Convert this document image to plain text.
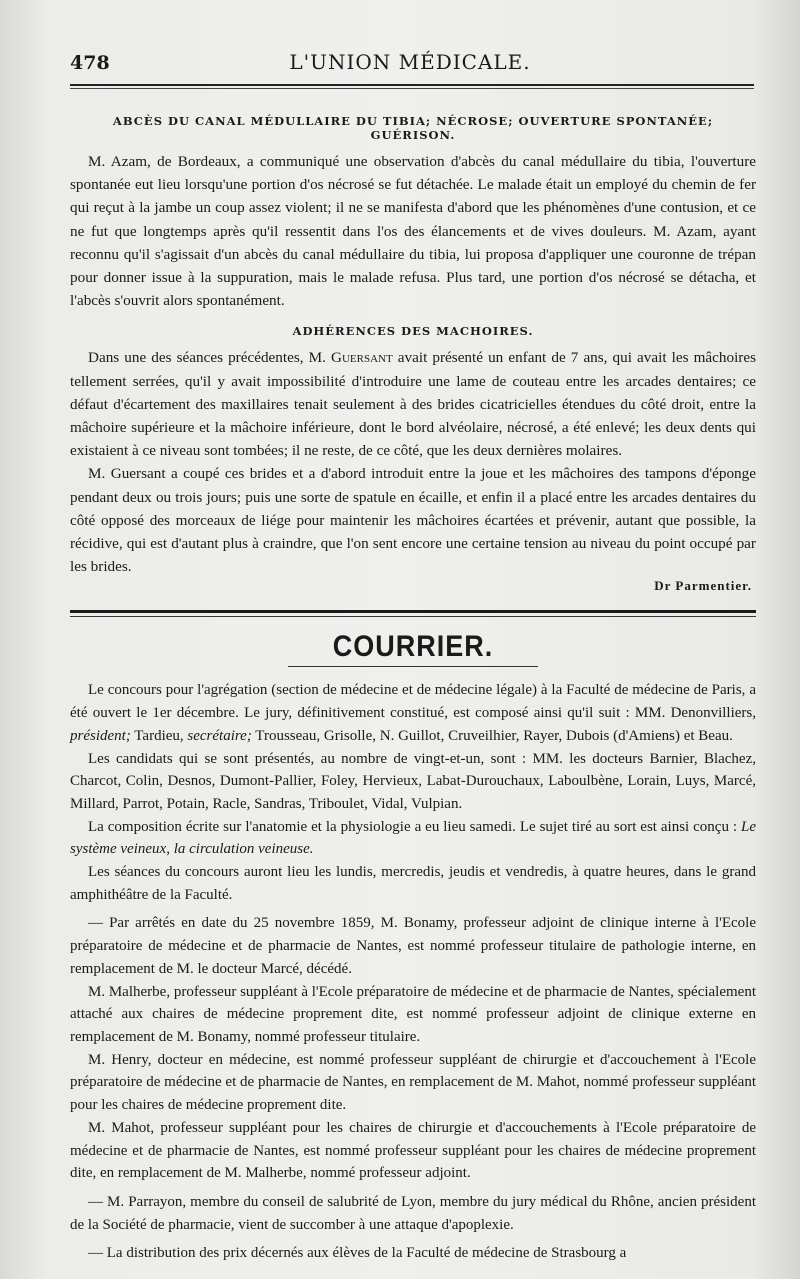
478	L'UNION MÉDICALE.
ABCÈS DU CANAL MÉDULLAIRE DU TIBIA; NÉCROSE; OUVERTURE SPONTANÉE; GUÉRISON.

M. Azam, de Bordeaux, a communiqué une observation d'abcès du canal médullaire du tibia, l'ouverture spontanée eut lieu lorsqu'une portion d'os nécrosé se fut détachée. Le malade était un employé du chemin de fer qui reçut à la jambe un coup assez violent; il ne se manifesta d'abord que les phénomènes d'une contusion, et ce ne fut que longtemps après qu'il ressentit dans l'os des élancements et de vives douleurs. M. Azam, ayant reconnu qu'il s'agissait d'un abcès du canal médullaire du tibia, lui proposa d'appliquer une couronne de trépan pour donner issue à la suppuration, mais le malade refusa. Plus tard, une portion d'os nécrosé se détacha, et l'abcès s'ouvrit alors spontanément.

ADHÉRENCES DES MACHOIRES.

Dans une des séances précédentes, M. Guersant avait présenté un enfant de 7 ans, qui avait les mâchoires tellement serrées, qu'il y avait impossibilité d'introduire une lame de couteau entre les arcades dentaires; ce défaut d'écartement des maxillaires tenait seulement à des brides cicatricielles étendues du côté droit, entre la mâchoire supérieure et la mâchoire inférieure, dont le bord alvéolaire, nécrosé, a été enlevé; les deux dents qui existaient à ce niveau sont tombées; il ne reste, de ce côté, que les deux dernières molaires.

M. Guersant a coupé ces brides et a d'abord introduit entre la joue et les mâchoires des tampons d'éponge pendant deux ou trois jours; puis une sorte de spatule en écaille, et enfin il a placé entre les arcades dentaires du côté opposé des morceaux de liége pour maintenir les mâchoires écartées et prévenir, autant que possible, la récidive, qui est d'autant plus à craindre, que l'on sent encore une certaine tension au niveau du point occupé par les brides.

Dr Parmentier.
COURRIER.

Le concours pour l'agrégation (section de médecine et de médecine légale) à la Faculté de médecine de Paris, a été ouvert le 1er décembre. Le jury, définitivement constitué, est composé ainsi qu'il suit : MM. Denonvilliers, président; Tardieu, secrétaire; Trousseau, Grisolle, N. Guillot, Cruveilhier, Rayer, Dubois (d'Amiens) et Beau.

Les candidats qui se sont présentés, au nombre de vingt-et-un, sont : MM. les docteurs Barnier, Blachez, Charcot, Colin, Desnos, Dumont-Pallier, Foley, Hervieux, Labat-Durouchaux, Laboulbène, Lorain, Luys, Marcé, Millard, Parrot, Potain, Racle, Sandras, Triboulet, Vidal, Vulpian.

La composition écrite sur l'anatomie et la physiologie a eu lieu samedi. Le sujet tiré au sort est ainsi conçu : Le système veineux, la circulation veineuse.

Les séances du concours auront lieu les lundis, mercredis, jeudis et vendredis, à quatre heures, dans le grand amphithéâtre de la Faculté.

— Par arrêtés en date du 25 novembre 1859, M. Bonamy, professeur adjoint de clinique interne à l'Ecole préparatoire de médecine et de pharmacie de Nantes, est nommé professeur titulaire de pathologie interne, en remplacement de M. le docteur Marcé, décédé.

M. Malherbe, professeur suppléant à l'Ecole préparatoire de médecine et de pharmacie de Nantes, spécialement attaché aux chaires de médecine proprement dite, est nommé professeur adjoint de clinique externe en remplacement de M. Bonamy, nommé professeur titulaire.

M. Henry, docteur en médecine, est nommé professeur suppléant de chirurgie et d'accouchement à l'Ecole préparatoire de médecine et de pharmacie de Nantes, en remplacement de M. Mahot, nommé professeur suppléant pour les chaires de médecine proprement dite.

M. Mahot, professeur suppléant pour les chaires de chirurgie et d'accouchements à l'Ecole préparatoire de médecine et de pharmacie de Nantes, est nommé professeur suppléant pour les chaires de médecine proprement dite, en remplacement de M. Malherbe, nommé professeur adjoint.

— M. Parrayon, membre du conseil de salubrité de Lyon, membre du jury médical du Rhône, ancien président de la Société de pharmacie, vient de succomber à une attaque d'apoplexie.

— La distribution des prix décernés aux élèves de la Faculté de médecine de Strasbourg a
